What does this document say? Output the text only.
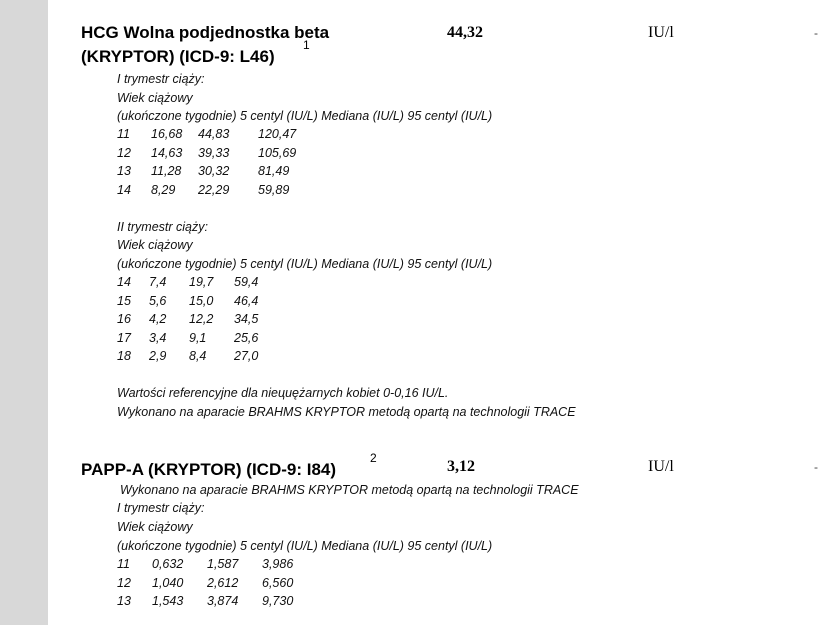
HCG Wolna podjednostka beta
(KRYPTOR) (ICD-9: L46)
1
44,32	IU/l
I trymestr ciąży:
Wiek ciążowy
(ukończone tygodnie) 5 centyl (IU/L) Mediana (IU/L) 95 centyl (IU/L)
11 16,68 44,83 120,47
12 14,63 39,33 105,69
13 11,28 30,32 81,49
14 8,29 22,29 59,89
II trymestr ciąży:
Wiek ciążowy
(ukończone tygodnie) 5 centyl (IU/L) Mediana (IU/L) 95 centyl (IU/L)
14 7,4 19,7 59,4
15 5,6 15,0 46,4
16 4,2 12,2 34,5
17 3,4 9,1 25,6
18 2,9 8,4 27,0
Wartości referencyjne dla niециężarnych kobiet 0-0,16 IU/L.
Wykonano na aparacie BRAHMS KRYPTOR metodą opartą na technologii TRACE
PAPP-A (KRYPTOR) (ICD-9: I84)
2	3,12	IU/l
Wykonano na aparacie BRAHMS KRYPTOR metodą opartą na technologii TRACE
I trymestr ciąży:
Wiek ciążowy
(ukończone tygodnie) 5 centyl (IU/L) Mediana (IU/L) 95 centyl (IU/L)
11 0,632 1,587 3,986
12 1,040 2,612 6,560
13 1,543 3,874 9,730
-
-
